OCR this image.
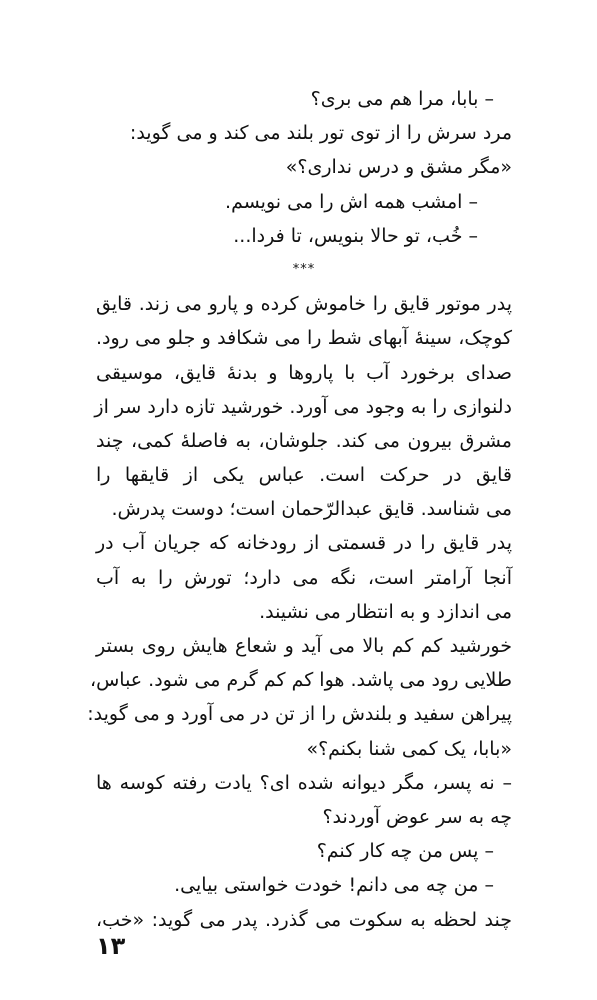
– بابا، مرا هم می بری؟
مرد سرش را از توی تور بلند می کند و می گوید:
«مگر مشق و درس نداری؟»
– امشب همه اش را می نویسم.
– خُب، تو حالا بنویس، تا فردا...
***
پدر موتور قایق را خاموش کرده و پارو می زند. قایق
کوچک، سینهٔ آبهای شط را می شکافد و جلو می رود.
صدای برخورد آب با پاروها و بدنهٔ قایق، موسیقی
دلنوازی را به وجود می آورد. خورشید تازه دارد سر از
مشرق بیرون می کند. جلوشان، به فاصلهٔ کمی، چند
قایق در حرکت است. عباس یکی از قایقها را
می شناسد. قایق عبدالرّحمان است؛ دوست پدرش.
پدر قایق را در قسمتی از رودخانه که جریان آب در
آنجا آرامتر است، نگه می دارد؛ تورش را به آب
می اندازد و به انتظار می نشیند.
خورشید کم کم بالا می آید و شعاع هایش روی بستر
طلایی رود می پاشد. هوا کم کم گرم می شود. عباس،
پیراهن سفید و بلندش را از تن در می آورد و می گوید:
«بابا، یک کمی شنا بکنم؟»
– نه پسر، مگر دیوانه شده ای؟ یادت رفته کوسه ها
چه به سر عوض آوردند؟
– پس من چه کار کنم؟
– من چه می دانم! خودت خواستی بیایی.
چند لحظه به سکوت می گذرد. پدر می گوید: «خب،
۱۳
